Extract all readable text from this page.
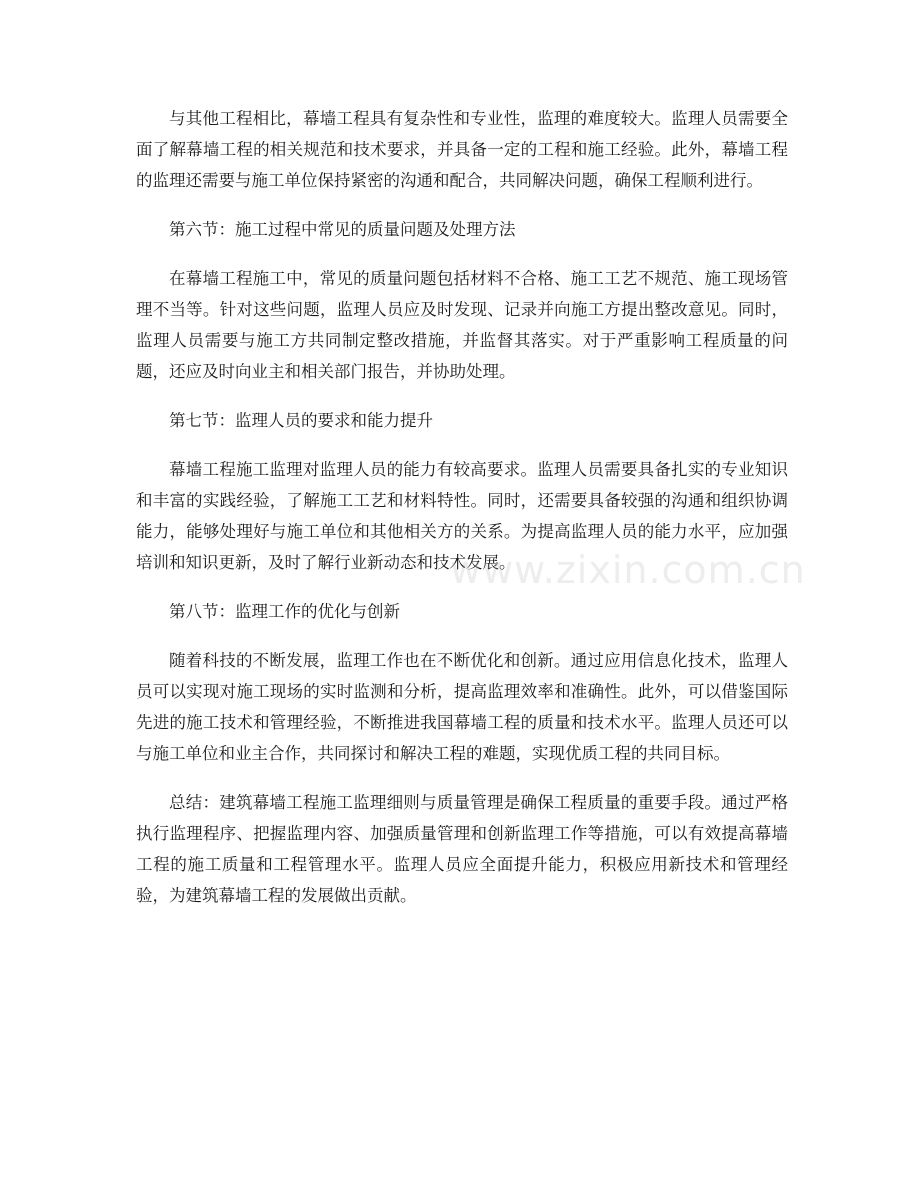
与其他工程相比，幕墙工程具有复杂性和专业性，监理的难度较大。监理人员需要全面了解幕墙工程的相关规范和技术要求，并具备一定的工程和施工经验。此外，幕墙工程的监理还需要与施工单位保持紧密的沟通和配合，共同解决问题，确保工程顺利进行。

第六节：施工过程中常见的质量问题及处理方法

在幕墙工程施工中，常见的质量问题包括材料不合格、施工工艺不规范、施工现场管理不当等。针对这些问题，监理人员应及时发现、记录并向施工方提出整改意见。同时，监理人员需要与施工方共同制定整改措施，并监督其落实。对于严重影响工程质量的问题，还应及时向业主和相关部门报告，并协助处理。

第七节：监理人员的要求和能力提升

幕墙工程施工监理对监理人员的能力有较高要求。监理人员需要具备扎实的专业知识和丰富的实践经验，了解施工工艺和材料特性。同时，还需要具备较强的沟通和组织协调能力，能够处理好与施工单位和其他相关方的关系。为提高监理人员的能力水平，应加强培训和知识更新，及时了解行业新动态和技术发展。

第八节：监理工作的优化与创新

随着科技的不断发展，监理工作也在不断优化和创新。通过应用信息化技术，监理人员可以实现对施工现场的实时监测和分析，提高监理效率和准确性。此外，可以借鉴国际先进的施工技术和管理经验，不断推进我国幕墙工程的质量和技术水平。监理人员还可以与施工单位和业主合作，共同探讨和解决工程的难题，实现优质工程的共同目标。

总结：建筑幕墙工程施工监理细则与质量管理是确保工程质量的重要手段。通过严格执行监理程序、把握监理内容、加强质量管理和创新监理工作等措施，可以有效提高幕墙工程的施工质量和工程管理水平。监理人员应全面提升能力，积极应用新技术和管理经验，为建筑幕墙工程的发展做出贡献。

www.zixin.com.cn
